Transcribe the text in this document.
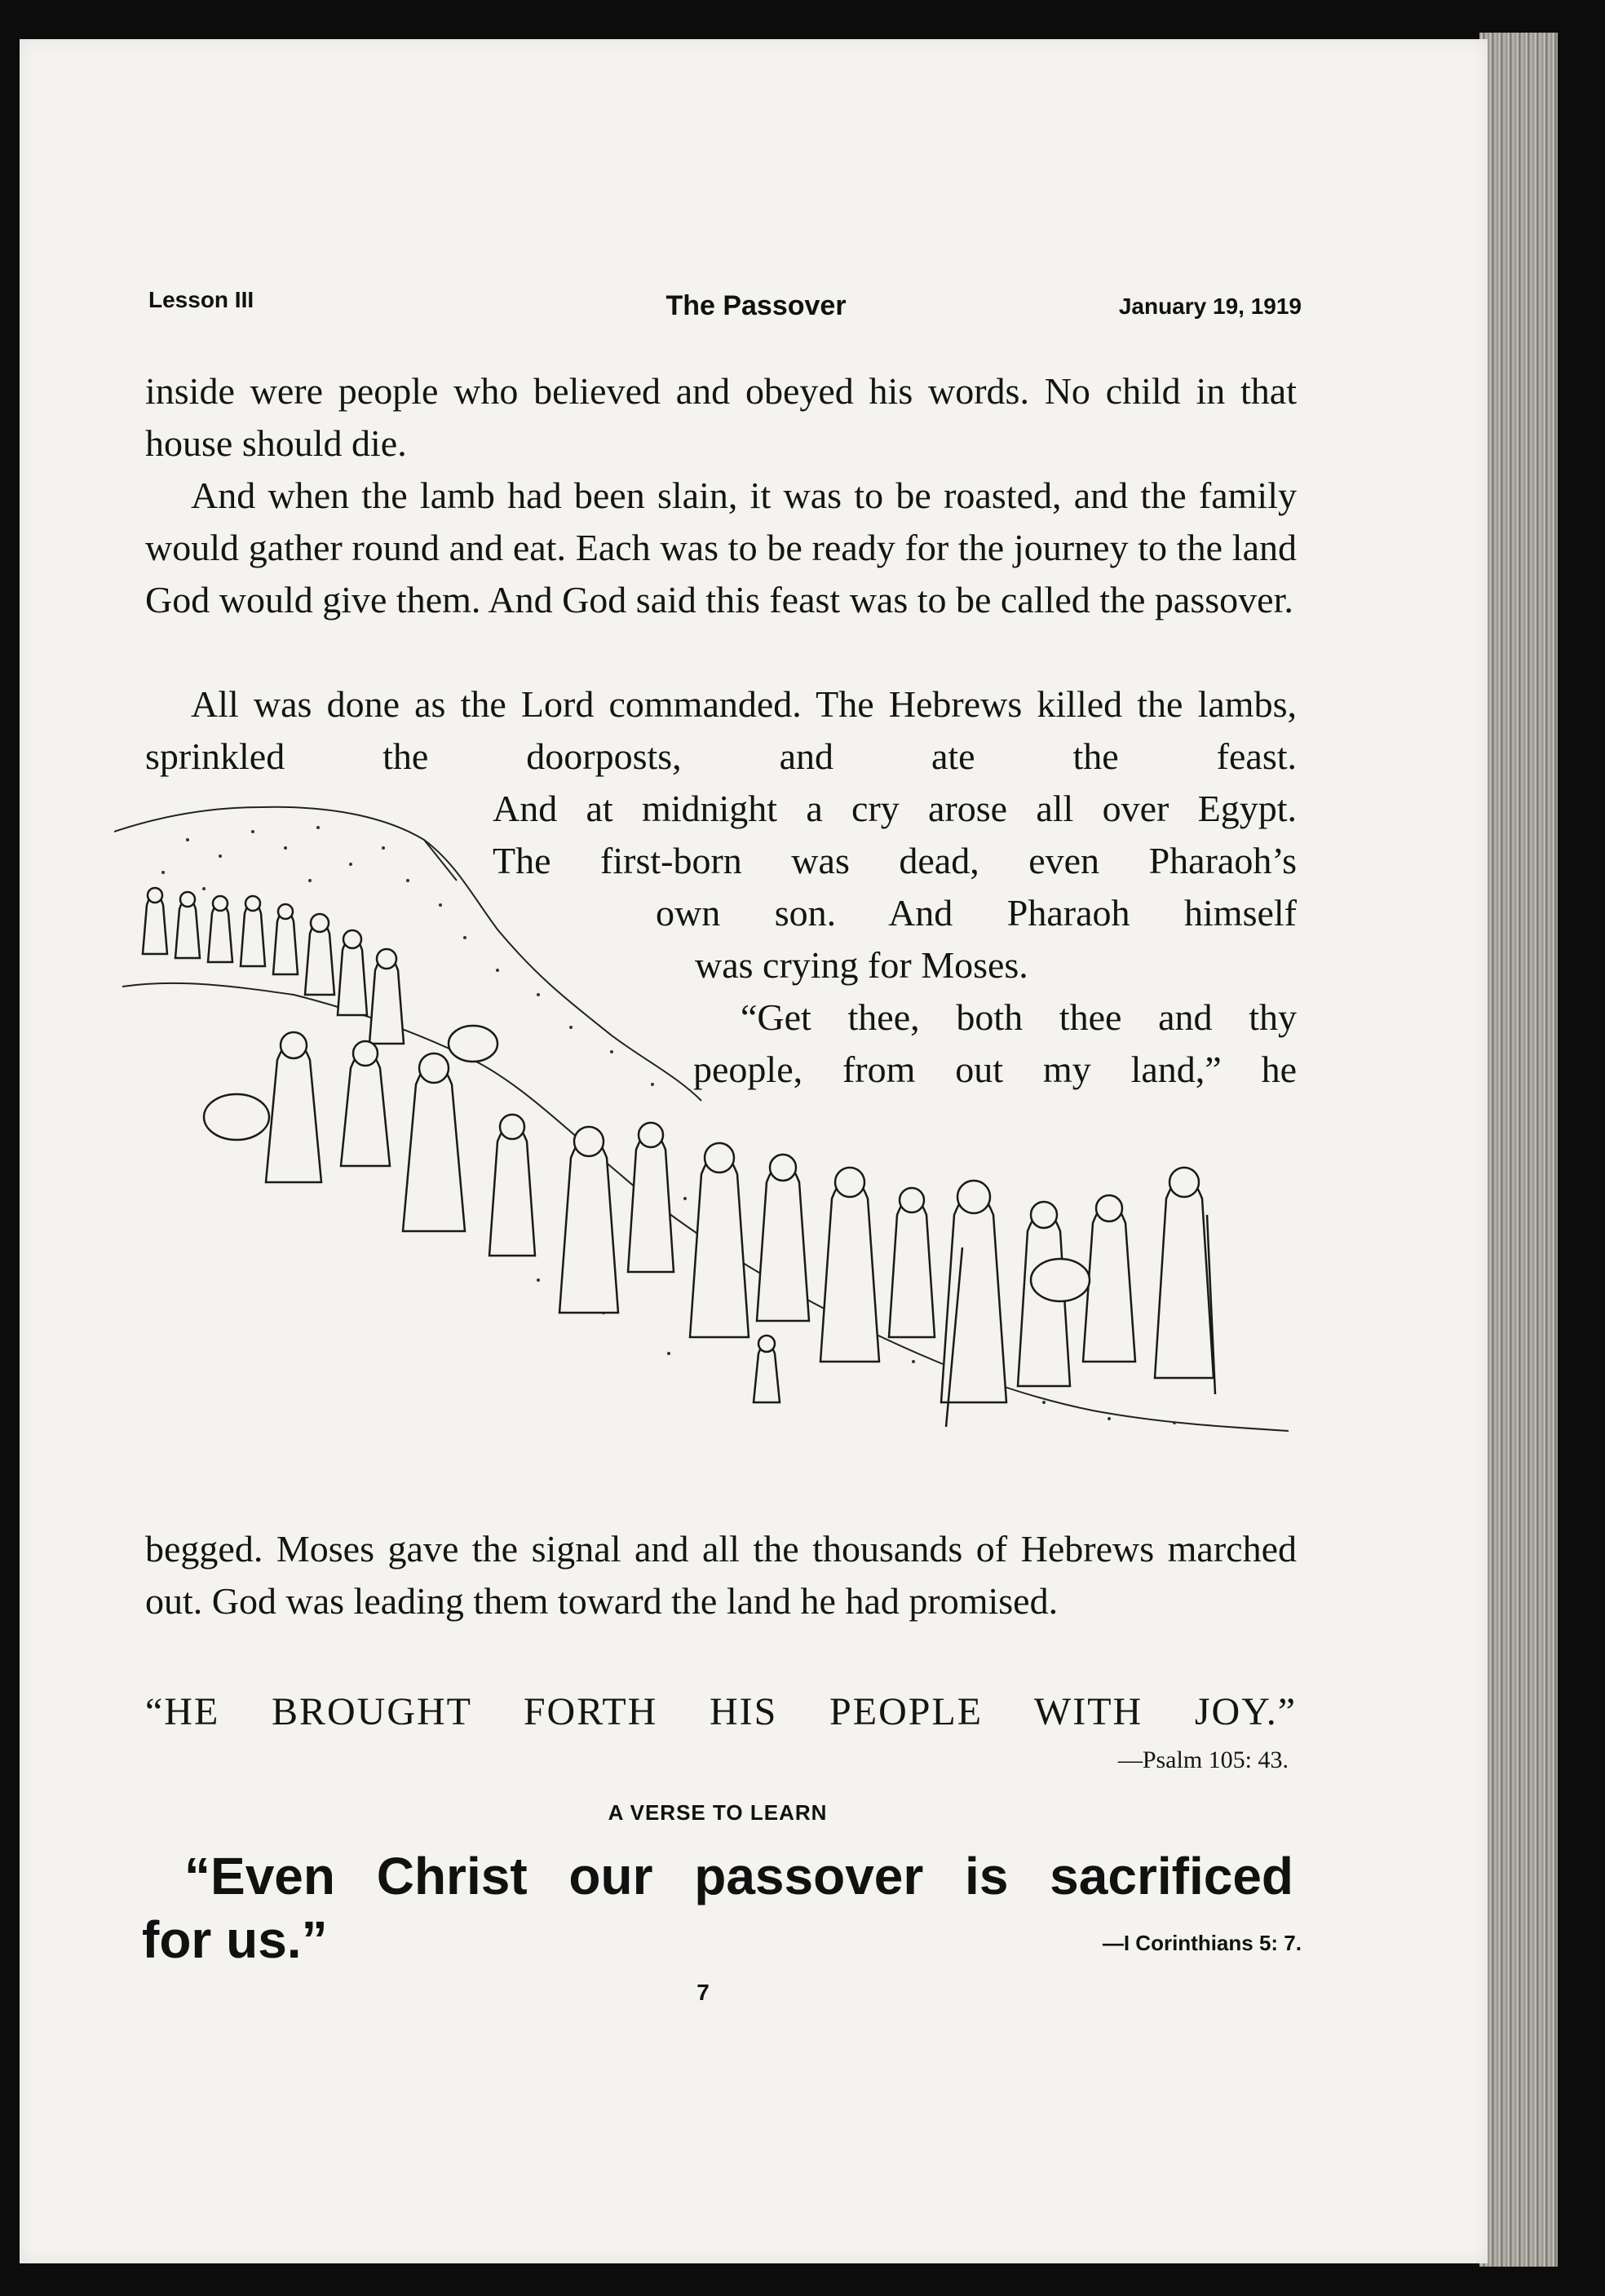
Lesson III	The Passover	January 19, 1919

inside were people who believed and obeyed his words. No child in that house should die.

And when the lamb had been slain, it was to be roasted, and the family would gather round and eat. Each was to be ready for the journey to the land God would give them. And God said this feast was to be called the passover.

All was done as the Lord commanded. The Hebrews killed the lambs, sprinkled the doorposts, and ate the feast.

And at midnight a cry arose all over Egypt.
The first-born was dead, even Pharaoh’s
own son. And Pharaoh himself
was crying for Moses.
“Get thee, both thee and thy
people, from out my land,” he

begged. Moses gave the signal and all the thousands of Hebrews marched out. God was leading them toward the land he had promised.

“HE BROUGHT FORTH HIS PEOPLE WITH JOY.”
—Psalm 105: 43.
A VERSE TO LEARN
“Even Christ our passover is sacrificed
for us.”	—I Corinthians 5: 7.
7
